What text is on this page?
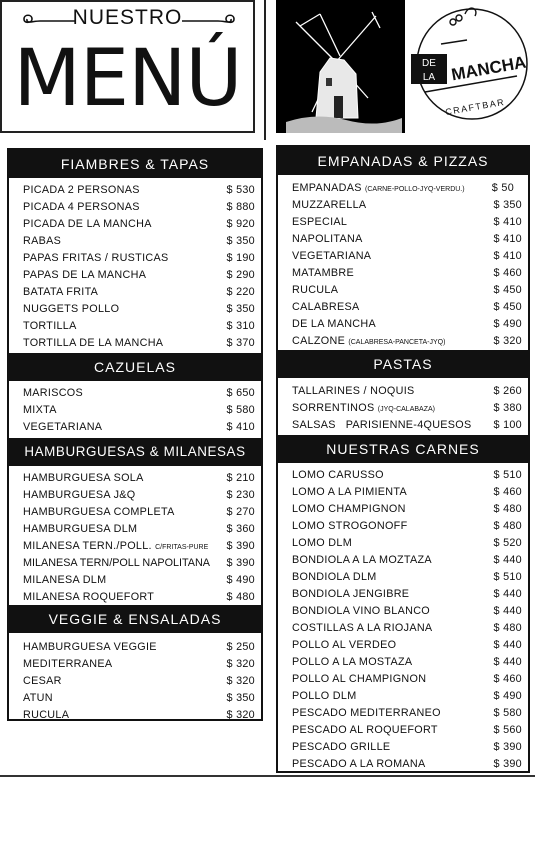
NUESTRO
MENÚ	DE
LA MANCHA
CRAFTBAR
FIAMBRES & TAPAS
PICADA 2 PERSONAS	$ 530
PICADA 4 PERSONAS	$ 880
PICADA DE LA MANCHA	$ 920
RABAS	$ 350
PAPAS FRITAS / RUSTICAS	$ 190
PAPAS DE LA MANCHA	$ 290
BATATA FRITA	$ 220
NUGGETS POLLO	$ 350
TORTILLA	$ 310
TORTILLA DE LA MANCHA	$ 370
CAZUELAS
MARISCOS	$ 650
MIXTA	$ 580
VEGETARIANA	$ 410
HAMBURGUESAS & MILANESAS
HAMBURGUESA SOLA	$ 210
HAMBURGUESA J&Q	$ 230
HAMBURGUESA COMPLETA	$ 270
HAMBURGUESA DLM	$ 360
MILANESA TERN./POLL. C/FRITAS-PURE $ 390
MILANESA TERN/POLL NAPOLITANA $ 390
MILANESA DLM	$ 490
MILANESA ROQUEFORT	$ 480
VEGGIE & ENSALADAS
HAMBURGUESA VEGGIE	$ 250
MEDITERRANEA	$ 320
CESAR	$ 320
ATUN	$ 350
RUCULA	$ 320
EMPANADAS & PIZZAS
EMPANADAS (CARNE-POLLO-JYQ-VERDU.)	$ 50
MUZZARELLA	$ 350
ESPECIAL	$ 410
NAPOLITANA	$ 410
VEGETARIANA	$ 410
MATAMBRE	$ 460
RUCULA	$ 450
CALABRESA	$ 450
DE LA MANCHA	$ 490
CALZONE (CALABRESA-PANCETA-JYQ)	$ 320
PASTAS
TALLARINES / NOQUIS	$ 260
SORRENTINOS (JYQ-CALABAZA)	$ 380
SALSAS   PARISIENNE-4QUESOS $ 100
NUESTRAS CARNES
LOMO CARUSSO	$ 510
LOMO A LA PIMIENTA	$ 460
LOMO CHAMPIGNON	$ 480
LOMO STROGONOFF	$ 480
LOMO DLM	$ 520
BONDIOLA A LA MOZTAZA	$ 440
BONDIOLA DLM	$ 510
BONDIOLA JENGIBRE	$ 440
BONDIOLA VINO BLANCO	$ 440
COSTILLAS A LA RIOJANA	$ 480
POLLO AL VERDEO	$ 440
POLLO A LA MOSTAZA	$ 440
POLLO AL CHAMPIGNON	$ 460
POLLO DLM	$ 490
PESCADO MEDITERRANEO	$ 580
PESCADO AL ROQUEFORT	$ 560
PESCADO GRILLE	$ 390
PESCADO A LA ROMANA	$ 390
